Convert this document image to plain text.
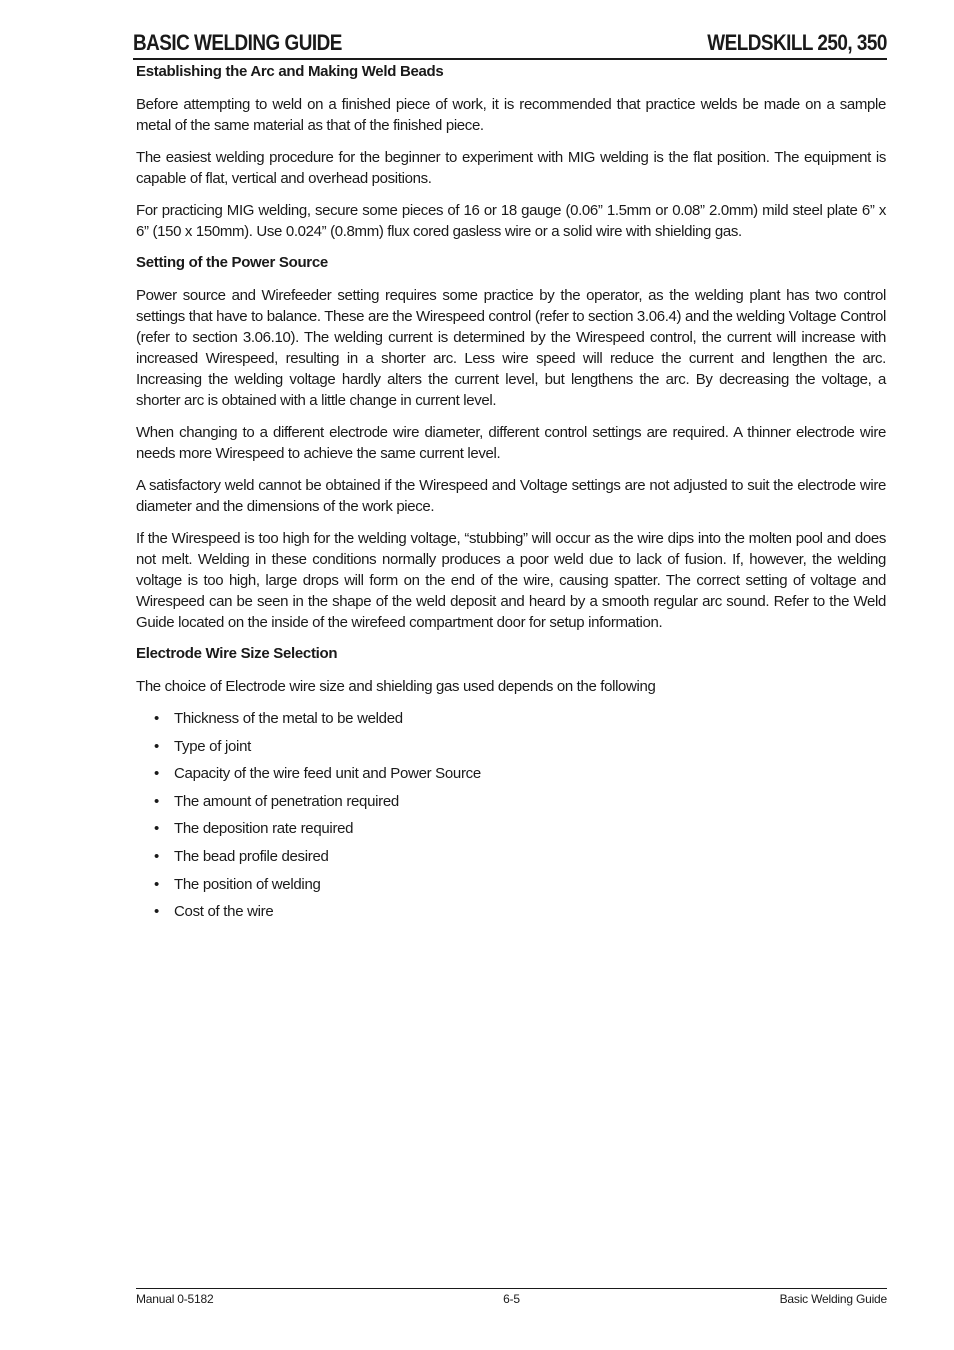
BASIC WELDING GUIDE	WELDSKILL 250, 350
Establishing the Arc and Making Weld Beads

Before attempting to weld on a finished piece of work, it is recommended that practice welds be made on a sample metal of the same material as that of the finished piece.

The easiest welding procedure for the beginner to experiment with MIG welding is the flat position. The equipment is capable of flat, vertical and overhead positions.

For practicing MIG welding, secure some pieces of 16 or 18 gauge (0.06” 1.5mm or 0.08” 2.0mm) mild steel plate 6” x 6” (150 x 150mm). Use 0.024” (0.8mm) flux cored gasless wire or a solid wire with shielding gas.

Setting of the Power Source

Power source and Wirefeeder setting requires some practice by the operator, as the welding plant has two control settings that have to balance. These are the Wirespeed control (refer to section 3.06.4) and the welding Voltage Control (refer to section 3.06.10). The welding current is determined by the Wirespeed control, the current will increase with increased Wirespeed, resulting in a shorter arc. Less wire speed will reduce the current and lengthen the arc. Increasing the welding voltage hardly alters the current level, but lengthens the arc. By decreasing the voltage, a shorter arc is obtained with a little change in current level.

When changing to a different electrode wire diameter, different control settings are required. A thinner electrode wire needs more Wirespeed to achieve the same current level.

A satisfactory weld cannot be obtained if the Wirespeed and Voltage settings are not adjusted to suit the electrode wire diameter and the dimensions of the work piece.

If the Wirespeed is too high for the welding voltage, “stubbing” will occur as the wire dips into the molten pool and does not melt. Welding in these conditions normally produces a poor weld due to lack of fusion. If, however, the welding voltage is too high, large drops will form on the end of the wire, causing spatter. The correct setting of voltage and Wirespeed can be seen in the shape of the weld deposit and heard by a smooth regular arc sound. Refer to the Weld Guide located on the inside of the wirefeed compartment door for setup information.

Electrode Wire Size Selection

The choice of Electrode wire size and shielding gas used depends on the following

• Thickness of the metal to be welded
• Type of joint
• Capacity of the wire feed unit and Power Source
• The amount of penetration required
• The deposition rate required
• The bead profile desired
• The position of welding
• Cost of the wire
Manual 0-5182	6-5	Basic Welding Guide
